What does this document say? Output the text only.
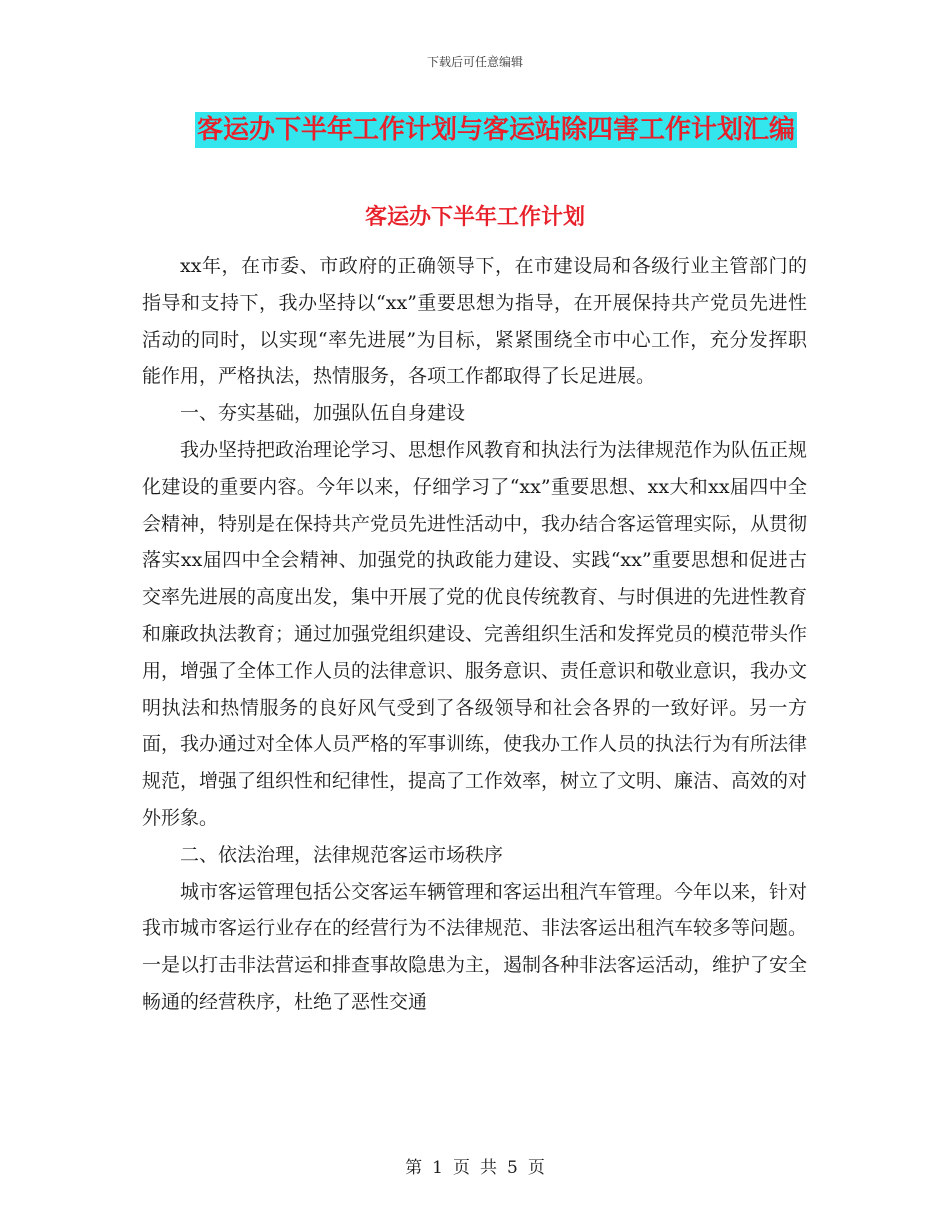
下载后可任意编辑
客运办下半年工作计划与客运站除四害工作计划汇编
客运办下半年工作计划

xx年，在市委、市政府的正确领导下，在市建设局和各级行业主管部门的指导和支持下，我办坚持以“xx”重要思想为指导，在开展保持共产党员先进性活动的同时，以实现“率先进展”为目标，紧紧围绕全市中心工作，充分发挥职能作用，严格执法，热情服务，各项工作都取得了长足进展。

一、夯实基础，加强队伍自身建设

我办坚持把政治理论学习、思想作风教育和执法行为法律规范作为队伍正规化建设的重要内容。今年以来，仔细学习了“xx”重要思想、xx大和xx届四中全会精神，特别是在保持共产党员先进性活动中，我办结合客运管理实际，从贯彻落实xx届四中全会精神、加强党的执政能力建设、实践“xx”重要思想和促进古交率先进展的高度出发，集中开展了党的优良传统教育、与时俱进的先进性教育和廉政执法教育；通过加强党组织建设、完善组织生活和发挥党员的模范带头作用，增强了全体工作人员的法律意识、服务意识、责任意识和敬业意识，我办文明执法和热情服务的良好风气受到了各级领导和社会各界的一致好评。另一方面，我办通过对全体人员严格的军事训练，使我办工作人员的执法行为有所法律规范，增强了组织性和纪律性，提高了工作效率，树立了文明、廉洁、高效的对外形象。

二、依法治理，法律规范客运市场秩序

城市客运管理包括公交客运车辆管理和客运出租汽车管理。今年以来，针对我市城市客运行业存在的经营行为不法律规范、非法客运出租汽车较多等问题。一是以打击非法营运和排查事故隐患为主，遏制各种非法客运活动，维护了安全畅通的经营秩序，杜绝了恶性交通

第 1 页 共 5 页
